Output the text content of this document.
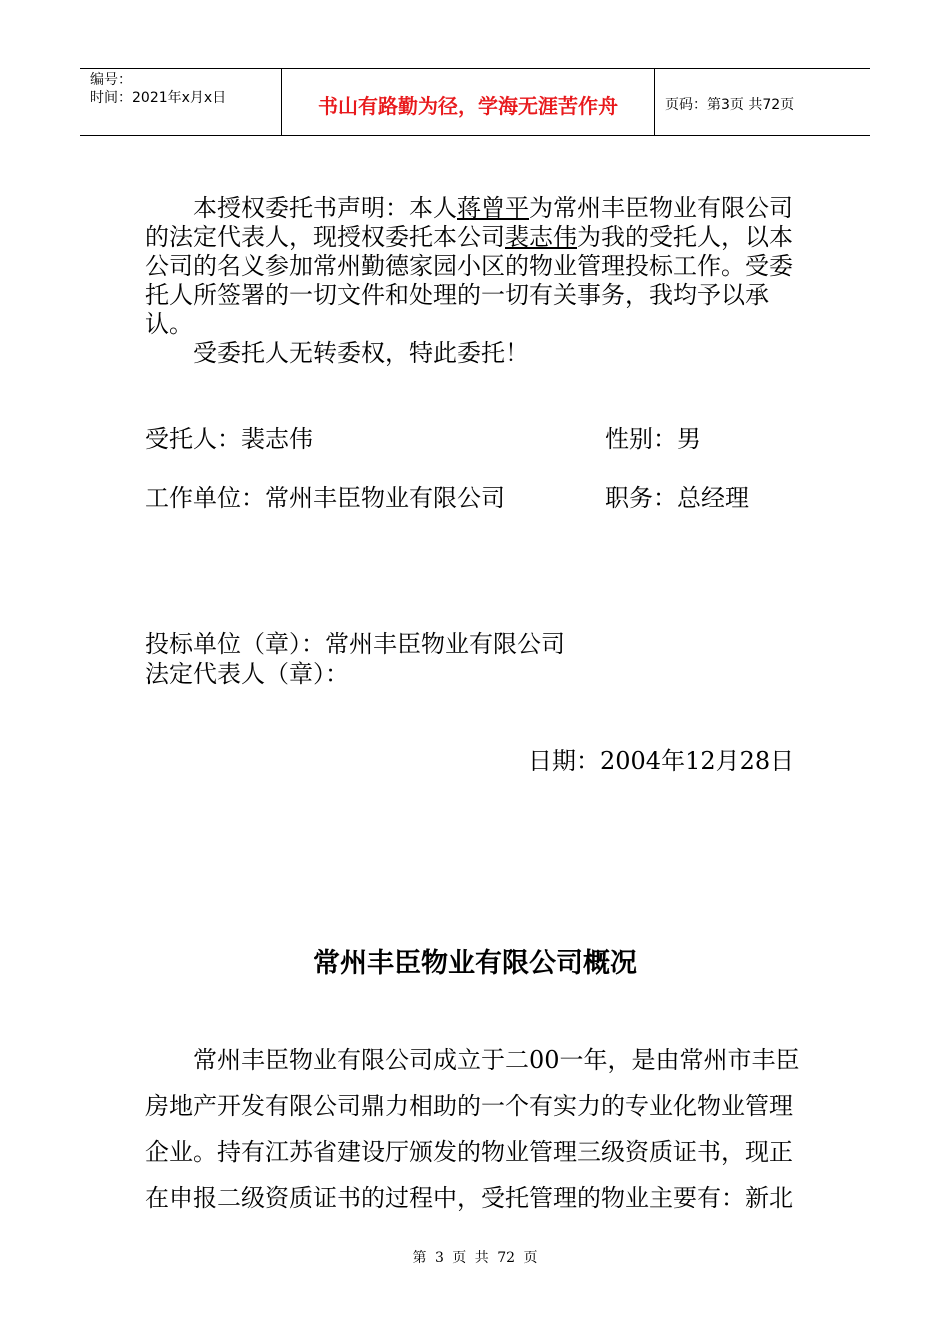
编号：
时间：2021年x月x日	书山有路勤为径，学海无涯苦作舟	页码：第3页 共72页
本授权委托书声明：本人蒋曾平为常州丰臣物业有限公司的法定代表人，现授权委托本公司裴志伟为我的受托人，以本公司的名义参加常州勤德家园小区的物业管理投标工作。受委托人所签署的一切文件和处理的一切有关事务，我均予以承认。
受委托人无转委权，特此委托！
受托人：裴志伟	性别：男
工作单位：常州丰臣物业有限公司	职务：总经理
投标单位（章）：常州丰臣物业有限公司
法定代表人（章）：
日期：2004年12月28日
常州丰臣物业有限公司概况
常州丰臣物业有限公司成立于二00一年，是由常州市丰臣房地产开发有限公司鼎力相助的一个有实力的专业化物业管理企业。持有江苏省建设厅颁发的物业管理三级资质证书，现正在申报二级资质证书的过程中，受托管理的物业主要有：新北
第 3 页 共 72 页
